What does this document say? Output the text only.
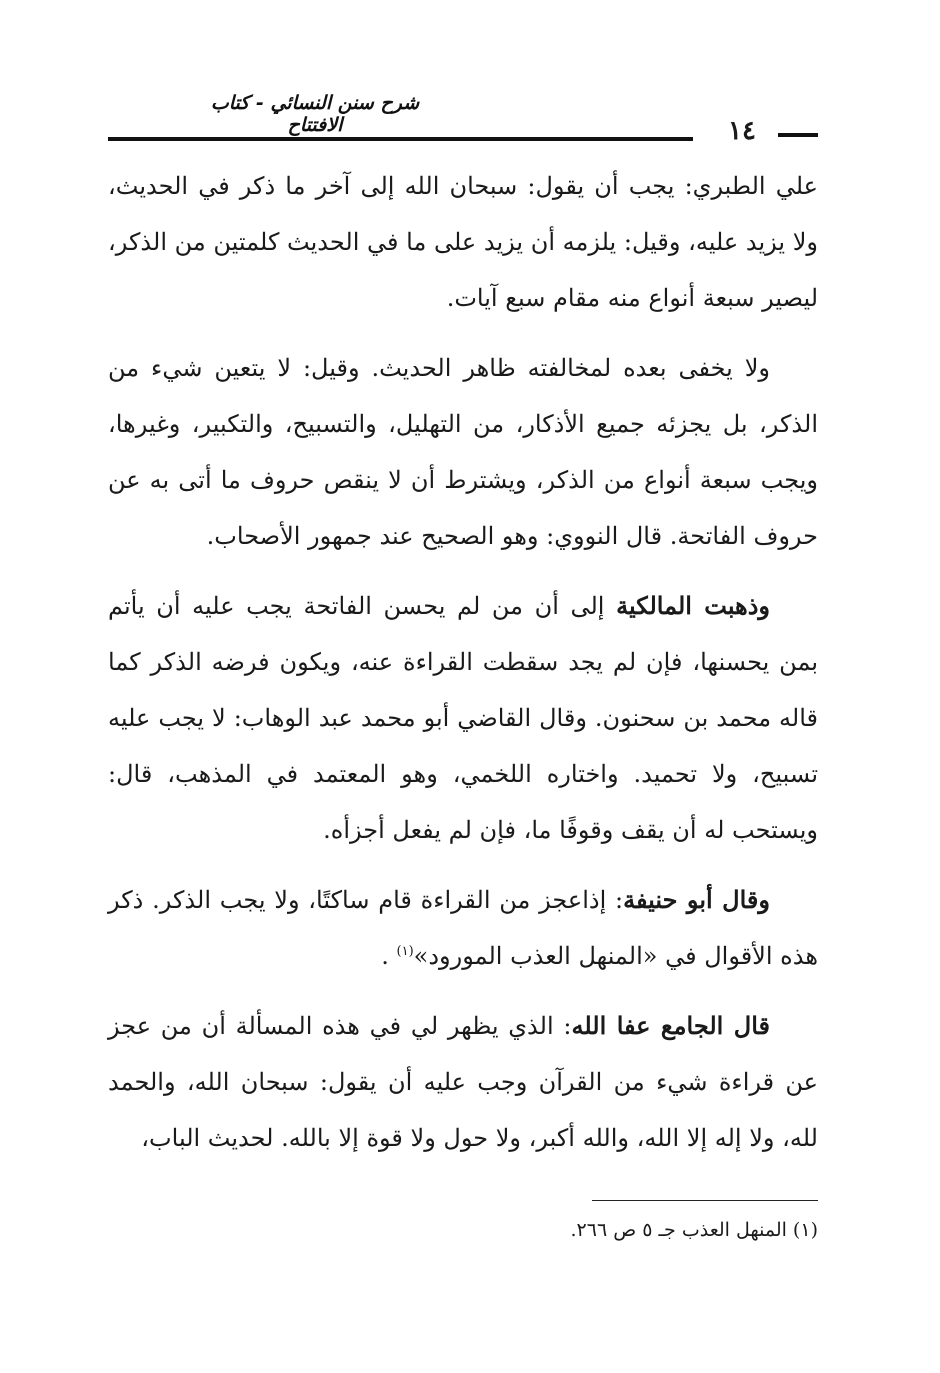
شرح سنن النسائي - كتاب الافتتاح	١٤

علي الطبري: يجب أن يقول: سبحان الله إلى آخر ما ذكر في الحديث، ولا يزيد عليه، وقيل: يلزمه أن يزيد على ما في الحديث كلمتين من الذكر، ليصير سبعة أنواع منه مقام سبع آيات.

ولا يخفى بعده لمخالفته ظاهر الحديث. وقيل: لا يتعين شيء من الذكر، بل يجزئه جميع الأذكار، من التهليل، والتسبيح، والتكبير، وغيرها، ويجب سبعة أنواع من الذكر، ويشترط أن لا ينقص حروف ما أتى به عن حروف الفاتحة. قال النووي: وهو الصحيح عند جمهور الأصحاب.

وذهبت المالكية إلى أن من لم يحسن الفاتحة يجب عليه أن يأتم بمن يحسنها، فإن لم يجد سقطت القراءة عنه، ويكون فرضه الذكر كما قاله محمد بن سحنون. وقال القاضي أبو محمد عبد الوهاب: لا يجب عليه تسبيح، ولا تحميد. واختاره اللخمي، وهو المعتمد في المذهب، قال: ويستحب له أن يقف وقوفًا ما، فإن لم يفعل أجزأه.

وقال أبو حنيفة: إذاعجز من القراءة قام ساكتًا، ولا يجب الذكر. ذكر هذه الأقوال في «المنهل العذب المورود»$^{(١)}$ .

قال الجامع عفا الله: الذي يظهر لي في هذه المسألة أن من عجز عن قراءة شيء من القرآن وجب عليه أن يقول: سبحان الله، والحمد لله، ولا إله إلا الله، والله أكبر، ولا حول ولا قوة إلا بالله. لحديث الباب،

(١) المنهل العذب جـ ٥ ص ٢٦٦.
